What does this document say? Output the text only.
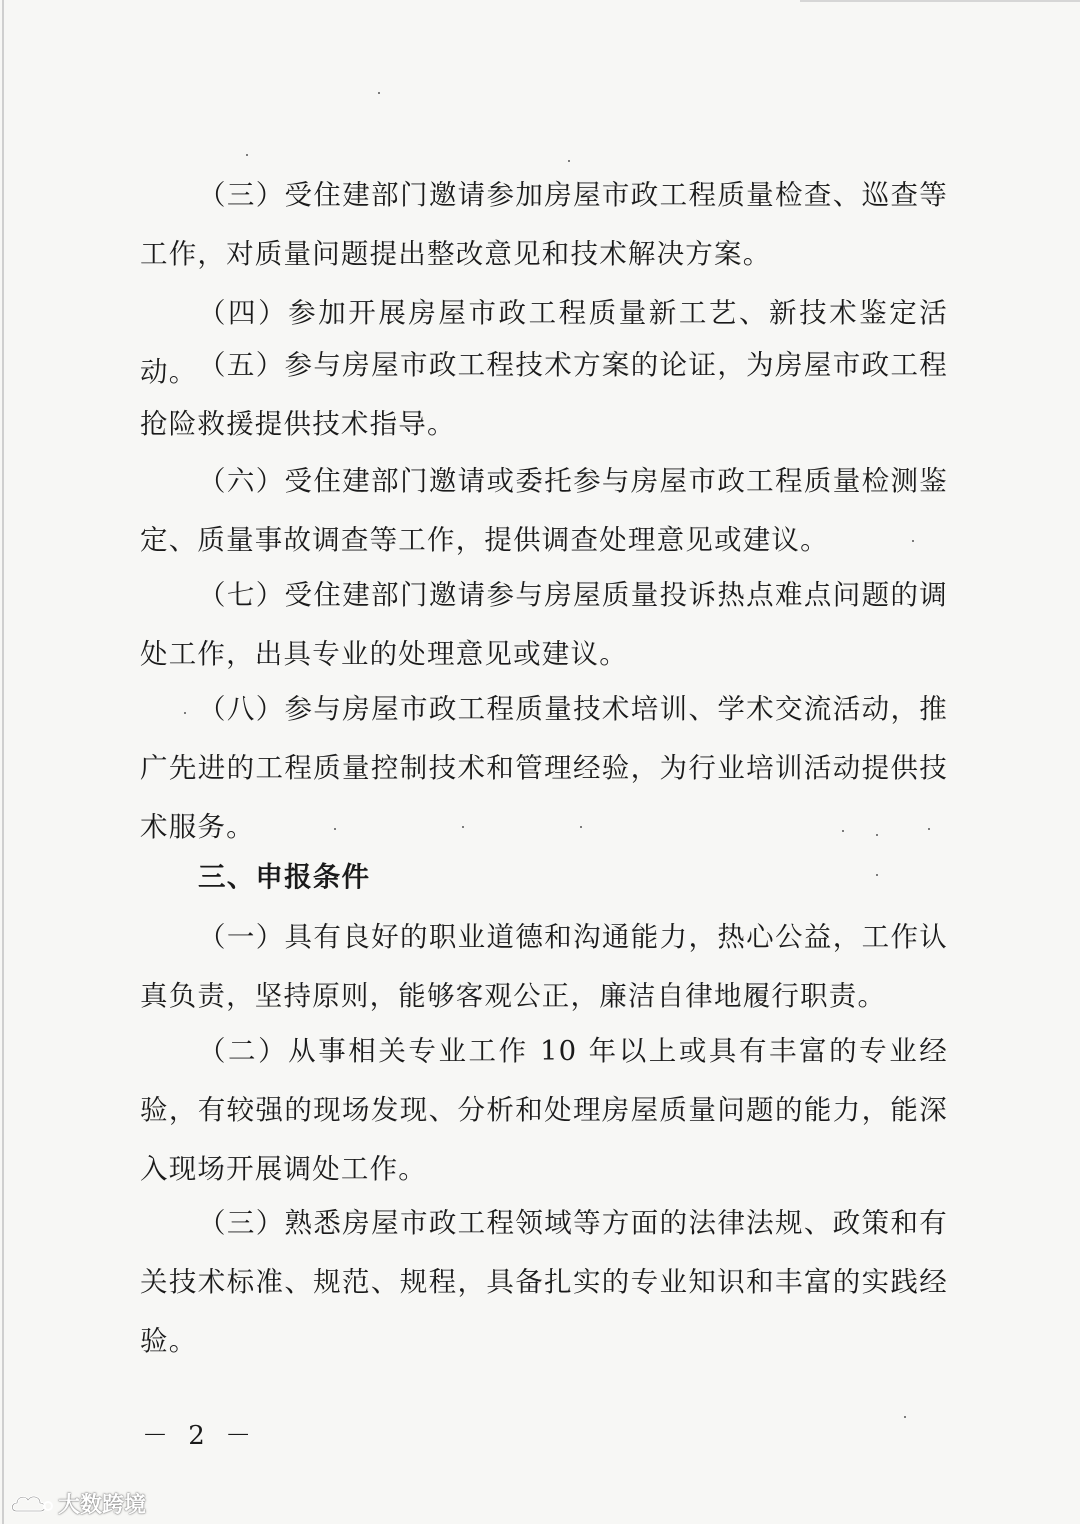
（三）受住建部门邀请参加房屋市政工程质量检查、巡查等工作，对质量问题提出整改意见和技术解决方案。

（四）参加开展房屋市政工程质量新工艺、新技术鉴定活动。 （五）参与房屋市政工程技术方案的论证，为房屋市政工程抢险救援提供技术指导。

（六）受住建部门邀请或委托参与房屋市政工程质量检测鉴定、质量事故调查等工作，提供调查处理意见或建议。

（七）受住建部门邀请参与房屋质量投诉热点难点问题的调处工作，出具专业的处理意见或建议。

（八）参与房屋市政工程质量技术培训、学术交流活动，推广先进的工程质量控制技术和管理经验，为行业培训活动提供技术服务。

三、申报条件

（一）具有良好的职业道德和沟通能力，热心公益，工作认真负责，坚持原则，能够客观公正，廉洁自律地履行职责。

（二）从事相关专业工作 10 年以上或具有丰富的专业经验，有较强的现场发现、分析和处理房屋质量问题的能力，能深入现场开展调处工作。

（三）熟悉房屋市政工程领域等方面的法律法规、政策和有关技术标准、规范、规程，具备扎实的专业知识和丰富的实践经验。

－ 2 －
大数跨境
